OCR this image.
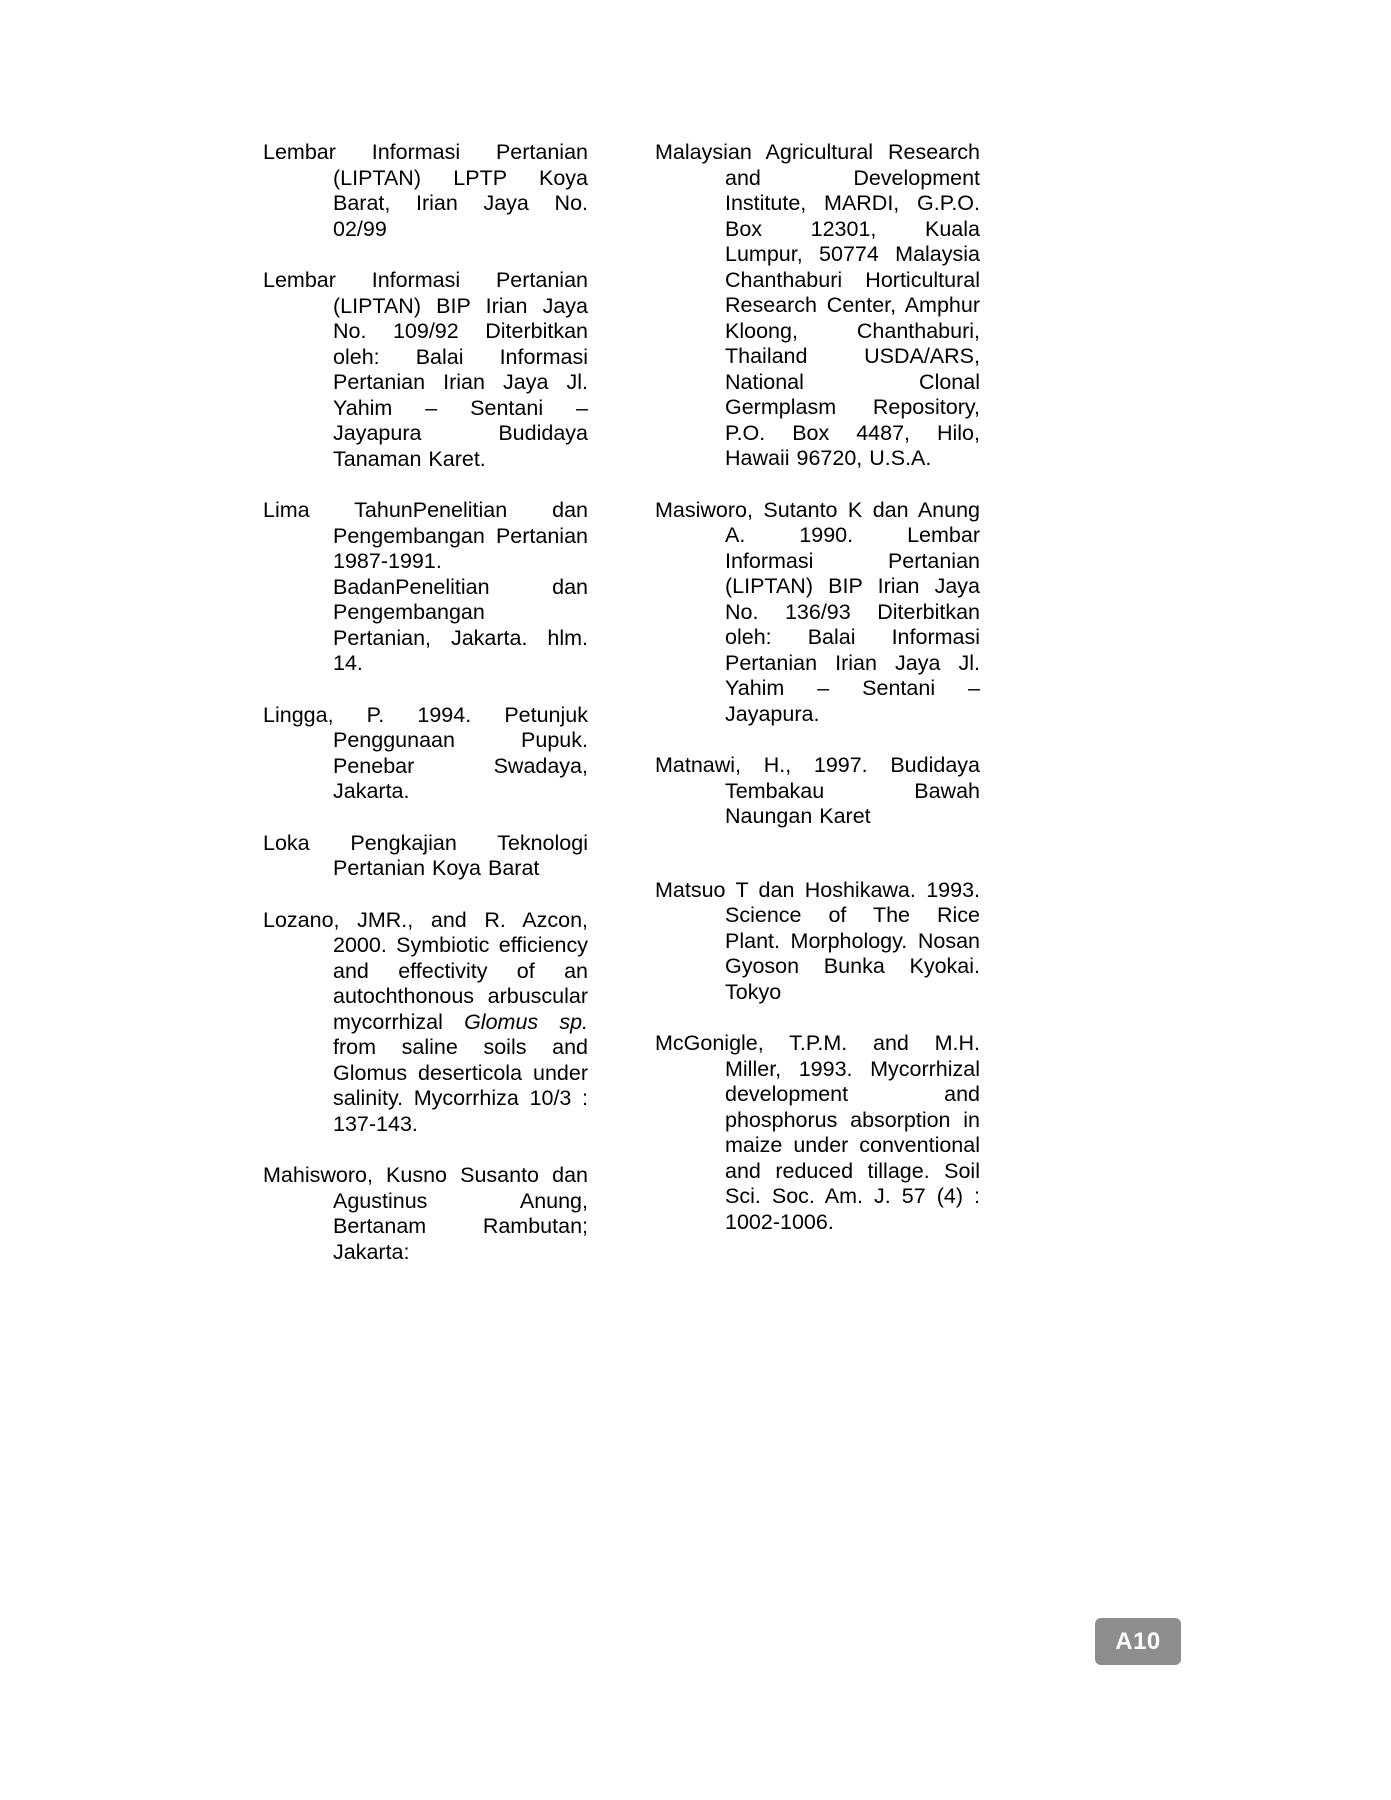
Lembar Informasi Pertanian (LIPTAN) LPTP Koya Barat, Irian Jaya No. 02/99
Lembar Informasi Pertanian (LIPTAN) BIP Irian Jaya No. 109/92 Diterbitkan oleh: Balai Informasi Pertanian Irian Jaya Jl. Yahim – Sentani – Jayapura Budidaya Tanaman Karet.
Lima TahunPenelitian dan Pengembangan Pertanian 1987-1991. BadanPenelitian dan Pengembangan Pertanian, Jakarta. hlm. 14.
Lingga, P. 1994. Petunjuk Penggunaan Pupuk. Penebar Swadaya, Jakarta.
Loka Pengkajian Teknologi Pertanian Koya Barat
Lozano, JMR., and R. Azcon, 2000. Symbiotic efficiency and effectivity of an autochthonous arbuscular mycorrhizal Glomus sp. from saline soils and Glomus deserticola under salinity. Mycorrhiza 10/3 : 137-143.
Mahisworo, Kusno Susanto dan Agustinus Anung, Bertanam Rambutan; Jakarta:
Malaysian Agricultural Research and Development Institute, MARDI, G.P.O. Box 12301, Kuala Lumpur, 50774 Malaysia Chanthaburi Horticultural Research Center, Amphur Kloong, Chanthaburi, Thailand USDA/ARS, National Clonal Germplasm Repository, P.O. Box 4487, Hilo, Hawaii 96720, U.S.A.
Masiworo, Sutanto K dan Anung A. 1990. Lembar Informasi Pertanian (LIPTAN) BIP Irian Jaya No. 136/93 Diterbitkan oleh: Balai Informasi Pertanian Irian Jaya Jl. Yahim – Sentani – Jayapura.
Matnawi, H., 1997. Budidaya Tembakau Bawah Naungan Karet
Matsuo T dan Hoshikawa. 1993. Science of The Rice Plant. Morphology. Nosan Gyoson Bunka Kyokai. Tokyo
McGonigle, T.P.M. and M.H. Miller, 1993. Mycorrhizal development and phosphorus absorption in maize under conventional and reduced tillage. Soil Sci. Soc. Am. J. 57 (4) : 1002-1006.
A10
